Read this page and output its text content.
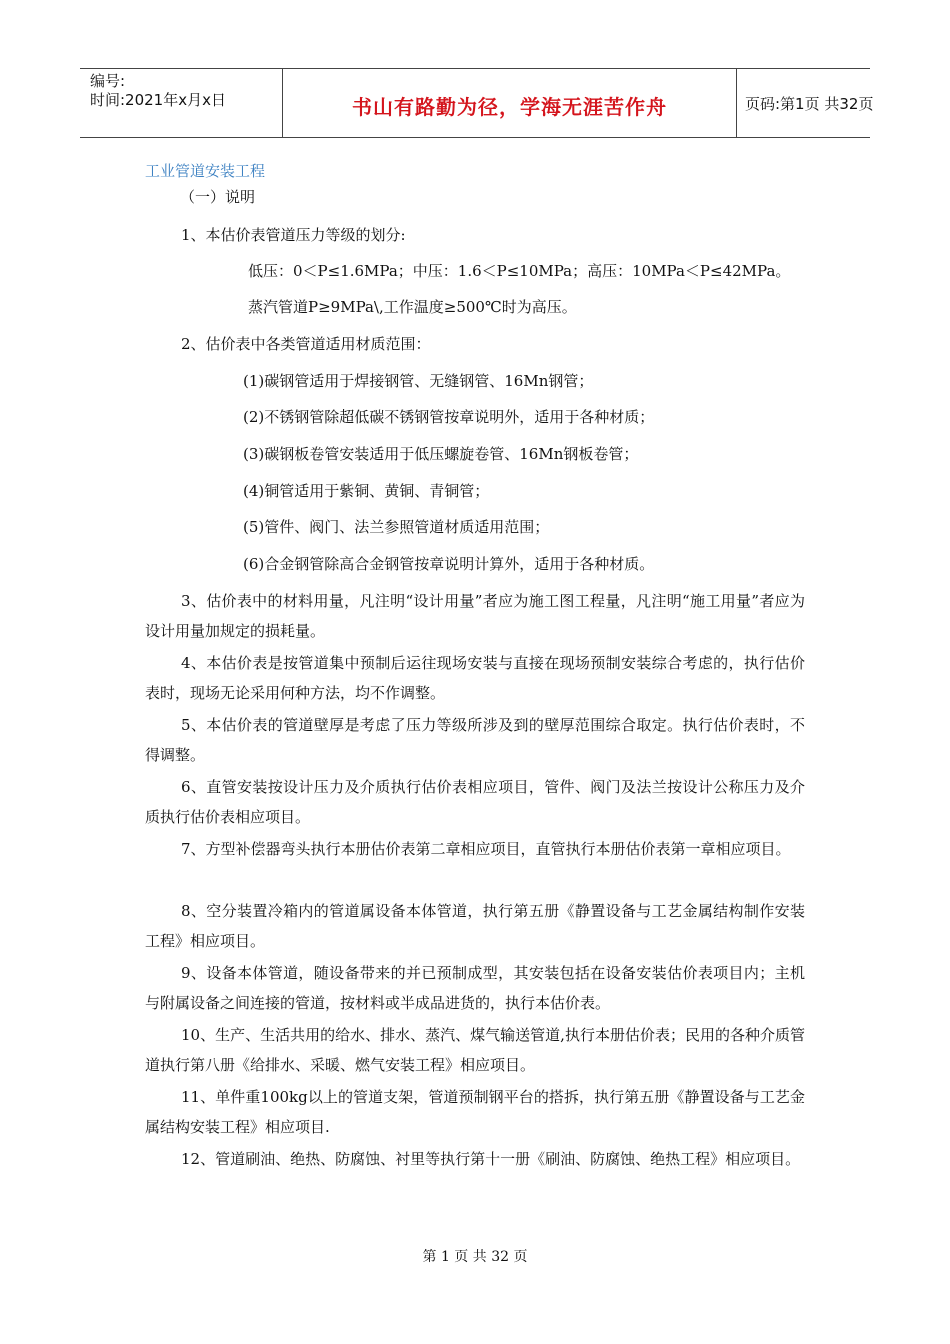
编号:
时间:2021年x月x日	书山有路勤为径，学海无涯苦作舟	页码:第1页 共32页
工业管道安装工程
（一）说明
1、本估价表管道压力等级的划分:
低压：0＜P≤1.6MPa；中压：1.6＜P≤10MPa；高压：10MPa＜P≤42MPa。
蒸汽管道P≥9MPa\,工作温度≥500℃时为高压。
2、估价表中各类管道适用材质范围：
(1)碳钢管适用于焊接钢管、无缝钢管、16Mn钢管；
(2)不锈钢管除超低碳不锈钢管按章说明外，适用于各种材质；
(3)碳钢板卷管安装适用于低压螺旋卷管、16Mn钢板卷管；
(4)铜管适用于紫铜、黄铜、青铜管；
(5)管件、阀门、法兰参照管道材质适用范围；
(6)合金钢管除高合金钢管按章说明计算外，适用于各种材质。
3、估价表中的材料用量，凡注明“设计用量”者应为施工图工程量，凡注明“施工用量”者应为设计用量加规定的损耗量。
4、本估价表是按管道集中预制后运往现场安装与直接在现场预制安装综合考虑的，执行估价表时，现场无论采用何种方法，均不作调整。
5、本估价表的管道壁厚是考虑了压力等级所涉及到的壁厚范围综合取定。执行估价表时，不得调整。
6、直管安装按设计压力及介质执行估价表相应项目，管件、阀门及法兰按设计公称压力及介质执行估价表相应项目。
7、方型补偿器弯头执行本册估价表第二章相应项目，直管执行本册估价表第一章相应项目。
8、空分装置冷箱内的管道属设备本体管道，执行第五册《静置设备与工艺金属结构制作安装工程》相应项目。
9、设备本体管道，随设备带来的并已预制成型，其安装包括在设备安装估价表项目内；主机与附属设备之间连接的管道，按材料或半成品进货的，执行本估价表。
10、生产、生活共用的给水、排水、蒸汽、煤气输送管道,执行本册估价表；民用的各种介质管道执行第八册《给排水、采暖、燃气安装工程》相应项目。
11、单件重100kg以上的管道支架，管道预制钢平台的搭拆，执行第五册《静置设备与工艺金属结构安装工程》相应项目.
12、管道刷油、绝热、防腐蚀、衬里等执行第十一册《刷油、防腐蚀、绝热工程》相应项目。
第 1 页 共 32 页
